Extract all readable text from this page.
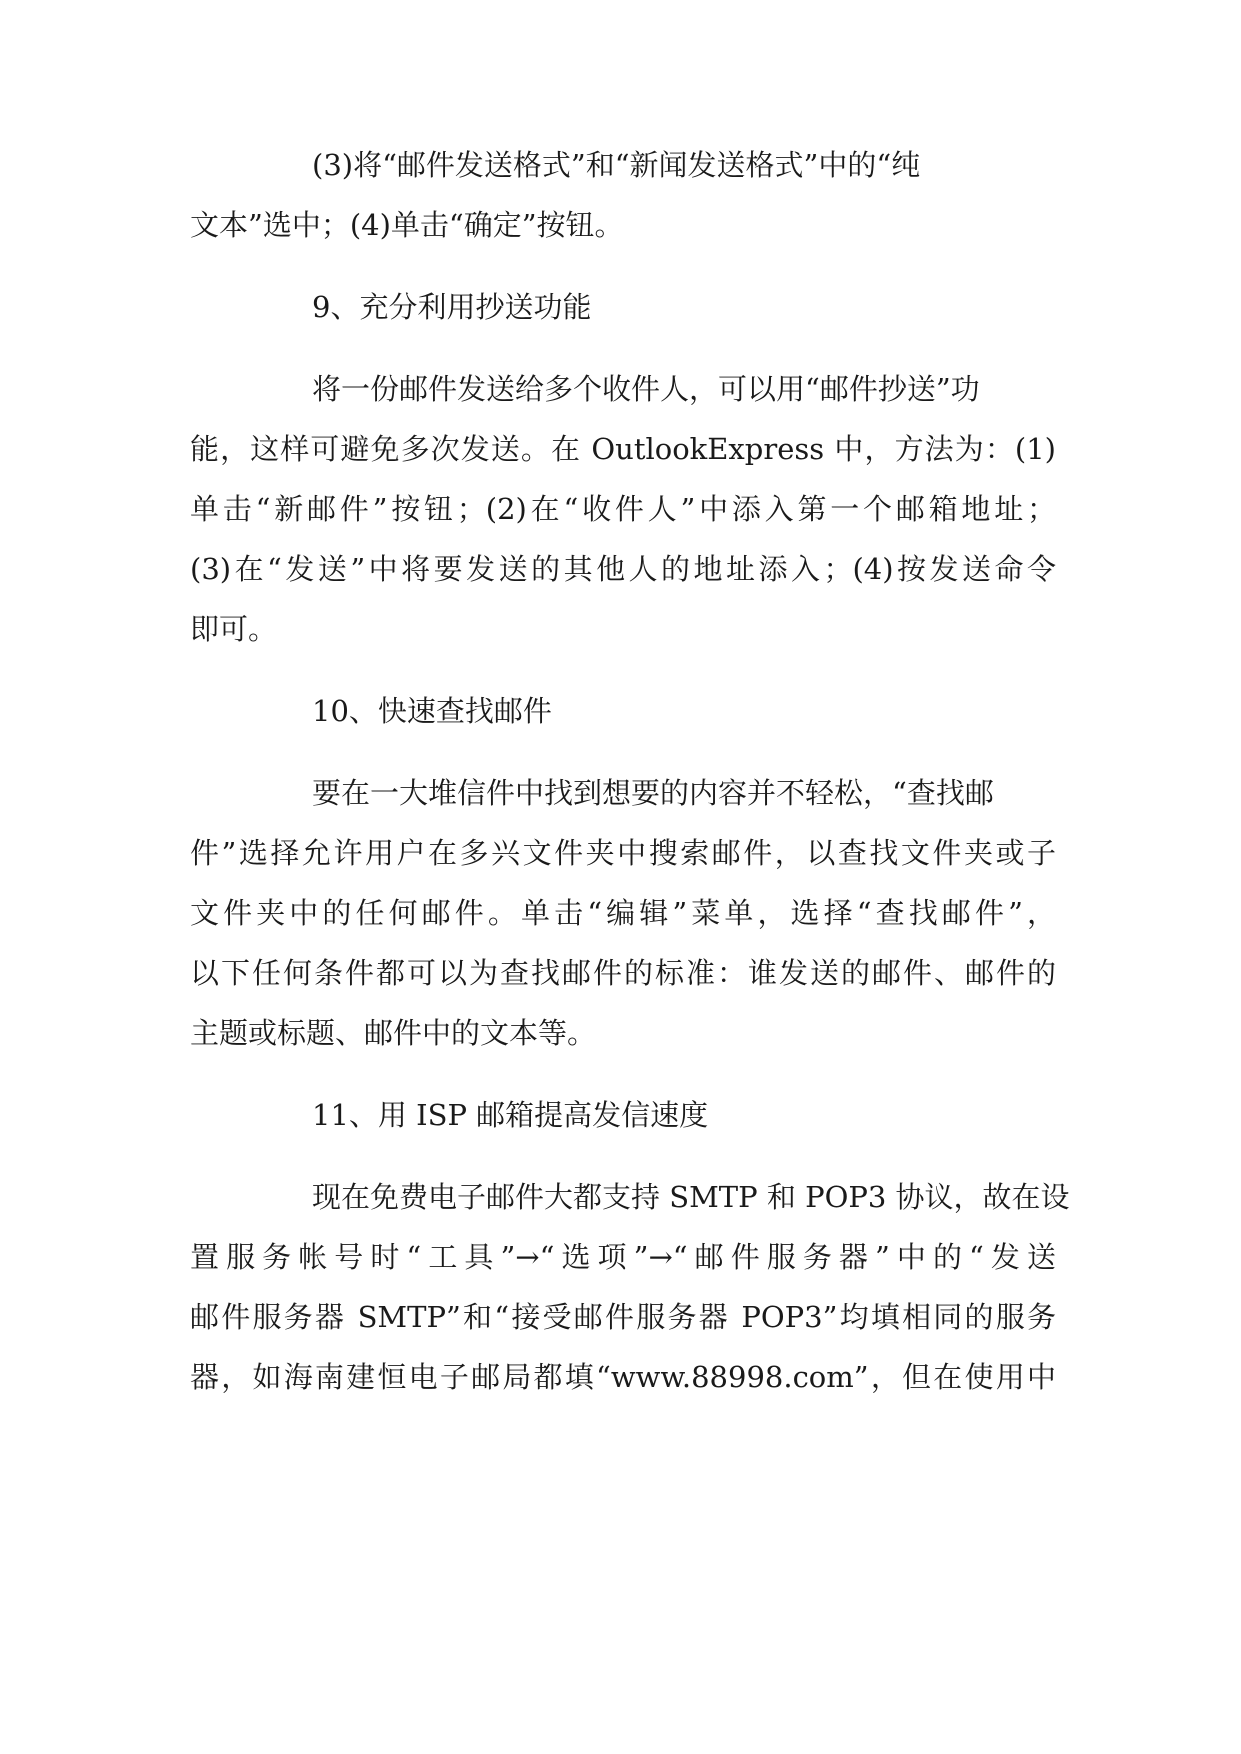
(3)将“邮件发送格式”和“新闻发送格式”中的“纯
文本”选中；(4)单击“确定”按钮。
9、充分利用抄送功能
将一份邮件发送给多个收件人，可以用“邮件抄送”功
能，这样可避免多次发送。在 OutlookExpress 中，方法为：(1)
单击“新邮件”按钮；(2)在“收件人”中添入第一个邮箱地址；
(3)在“发送”中将要发送的其他人的地址添入；(4)按发送命令
即可。
10、快速查找邮件
要在一大堆信件中找到想要的内容并不轻松，“查找邮
件”选择允许用户在多兴文件夹中搜索邮件，以查找文件夹或子
文件夹中的任何邮件。单击“编辑”菜单，选择“查找邮件”，
以下任何条件都可以为查找邮件的标准：谁发送的邮件、邮件的
主题或标题、邮件中的文本等。
11、用 ISP 邮箱提高发信速度
现在免费电子邮件大都支持 SMTP 和 POP3 协议，故在设
置服务帐号时“工具”→“选项”→“邮件服务器”中的“发送
邮件服务器 SMTP”和“接受邮件服务器 POP3”均填相同的服务
器，如海南建恒电子邮局都填“www.88998.com”，但在使用中
